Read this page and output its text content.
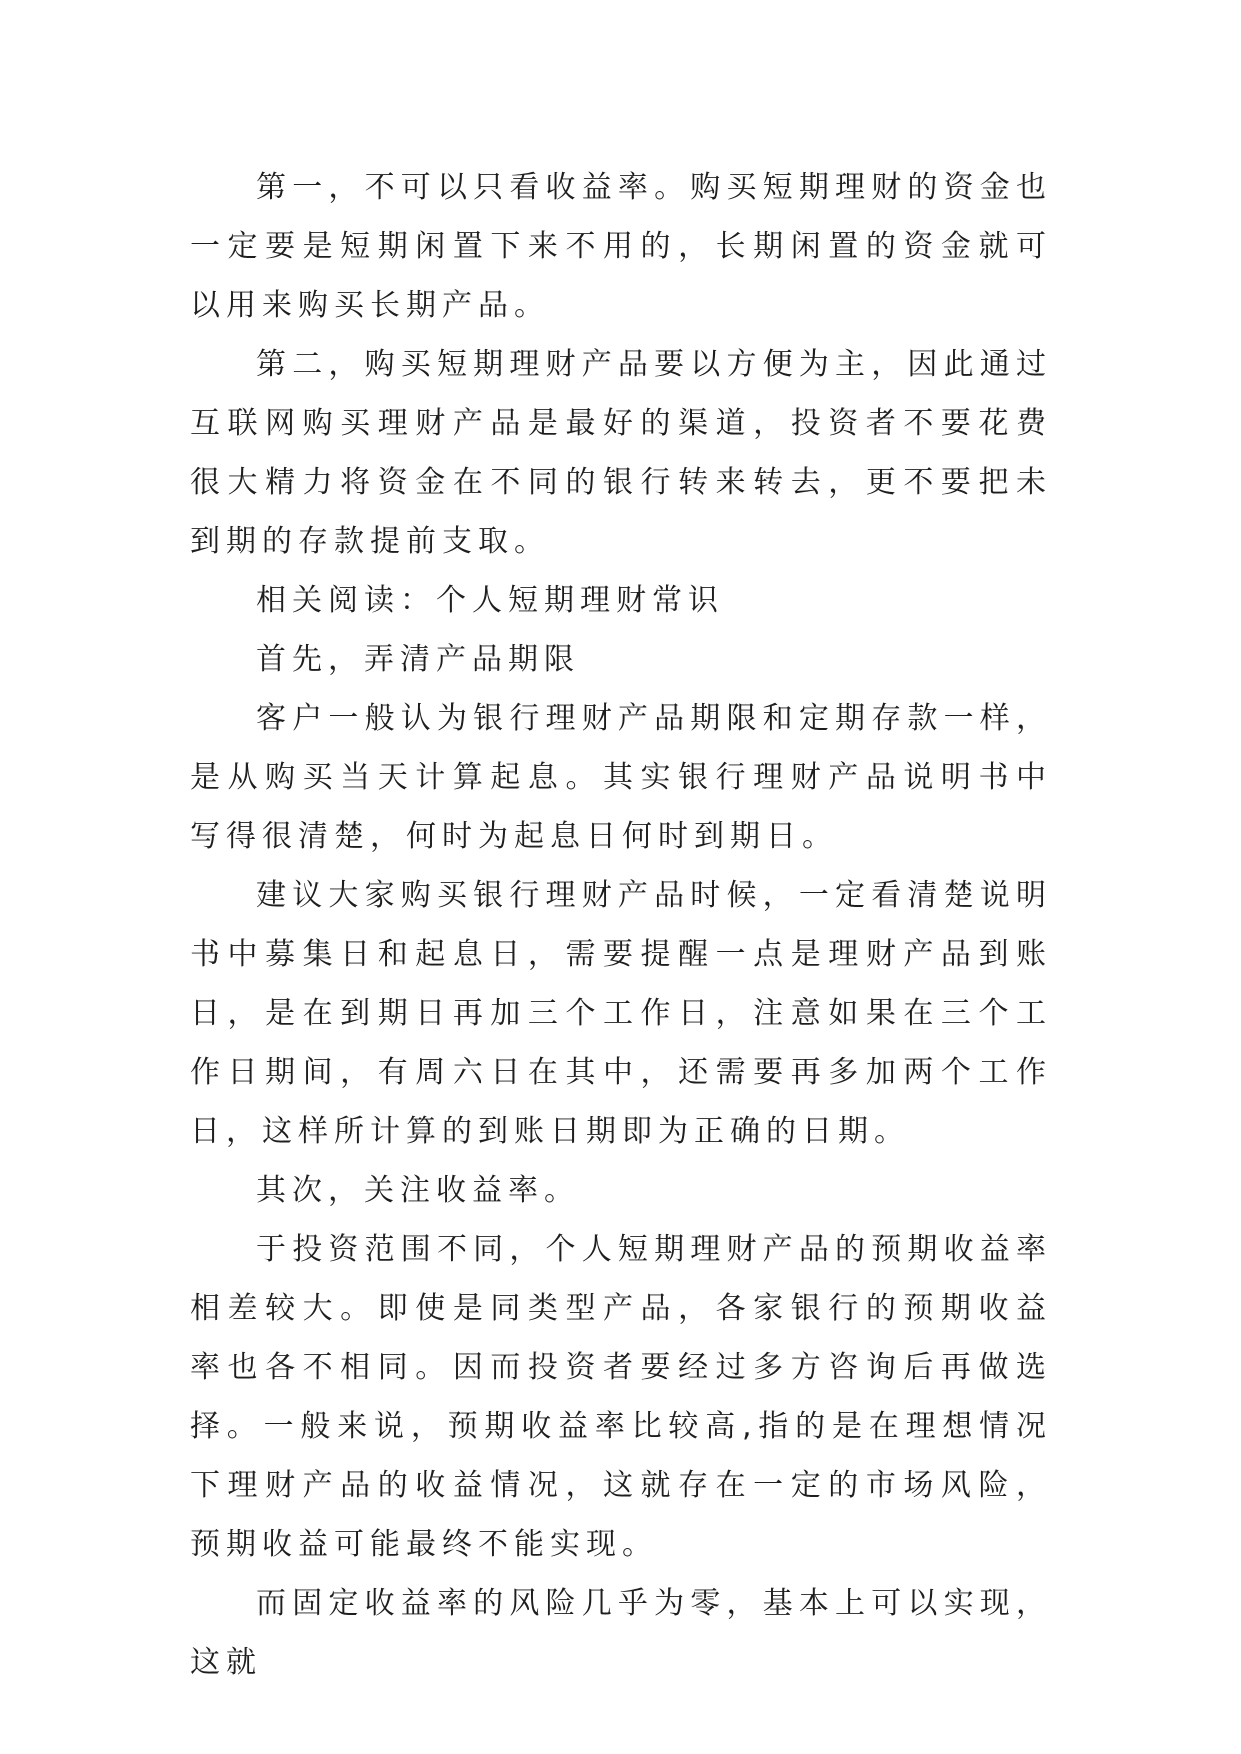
第一，不可以只看收益率。购买短期理财的资金也一定要是短期闲置下来不用的，长期闲置的资金就可以用来购买长期产品。

第二，购买短期理财产品要以方便为主，因此通过互联网购买理财产品是最好的渠道，投资者不要花费很大精力将资金在不同的银行转来转去，更不要把未到期的存款提前支取。

相关阅读：个人短期理财常识

首先，弄清产品期限

客户一般认为银行理财产品期限和定期存款一样，是从购买当天计算起息。其实银行理财产品说明书中写得很清楚，何时为起息日何时到期日。

建议大家购买银行理财产品时候，一定看清楚说明书中募集日和起息日，需要提醒一点是理财产品到账日，是在到期日再加三个工作日，注意如果在三个工作日期间，有周六日在其中，还需要再多加两个工作日，这样所计算的到账日期即为正确的日期。

其次，关注收益率。

于投资范围不同，个人短期理财产品的预期收益率相差较大。即使是同类型产品，各家银行的预期收益率也各不相同。因而投资者要经过多方咨询后再做选择。一般来说，预期收益率比较高,指的是在理想情况下理财产品的收益情况，这就存在一定的市场风险，预期收益可能最终不能实现。

而固定收益率的风险几乎为零，基本上可以实现，这就
